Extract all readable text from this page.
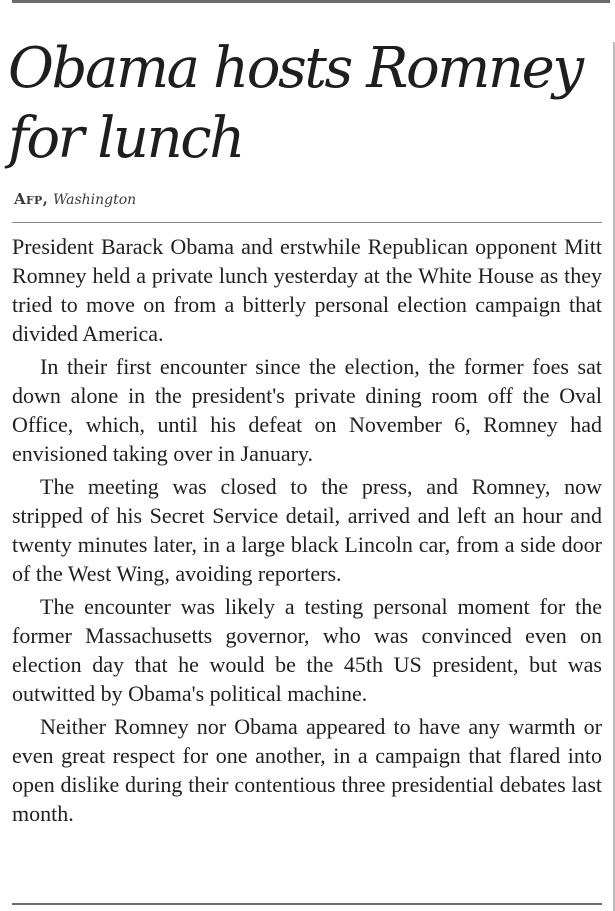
Obama hosts Romney for lunch
Afp, Washington

President Barack Obama and erstwhile Republican opponent Mitt Romney held a private lunch yesterday at the White House as they tried to move on from a bitterly personal election campaign that divided America.

In their first encounter since the election, the former foes sat down alone in the president's private dining room off the Oval Office, which, until his defeat on November 6, Romney had envisioned taking over in January.

The meeting was closed to the press, and Romney, now stripped of his Secret Service detail, arrived and left an hour and twenty minutes later, in a large black Lincoln car, from a side door of the West Wing, avoiding reporters.

The encounter was likely a testing personal moment for the former Massachusetts governor, who was convinced even on election day that he would be the 45th US president, but was outwitted by Obama's political machine.

Neither Romney nor Obama appeared to have any warmth or even great respect for one another, in a campaign that flared into open dislike during their contentious three presidential debates last month.
